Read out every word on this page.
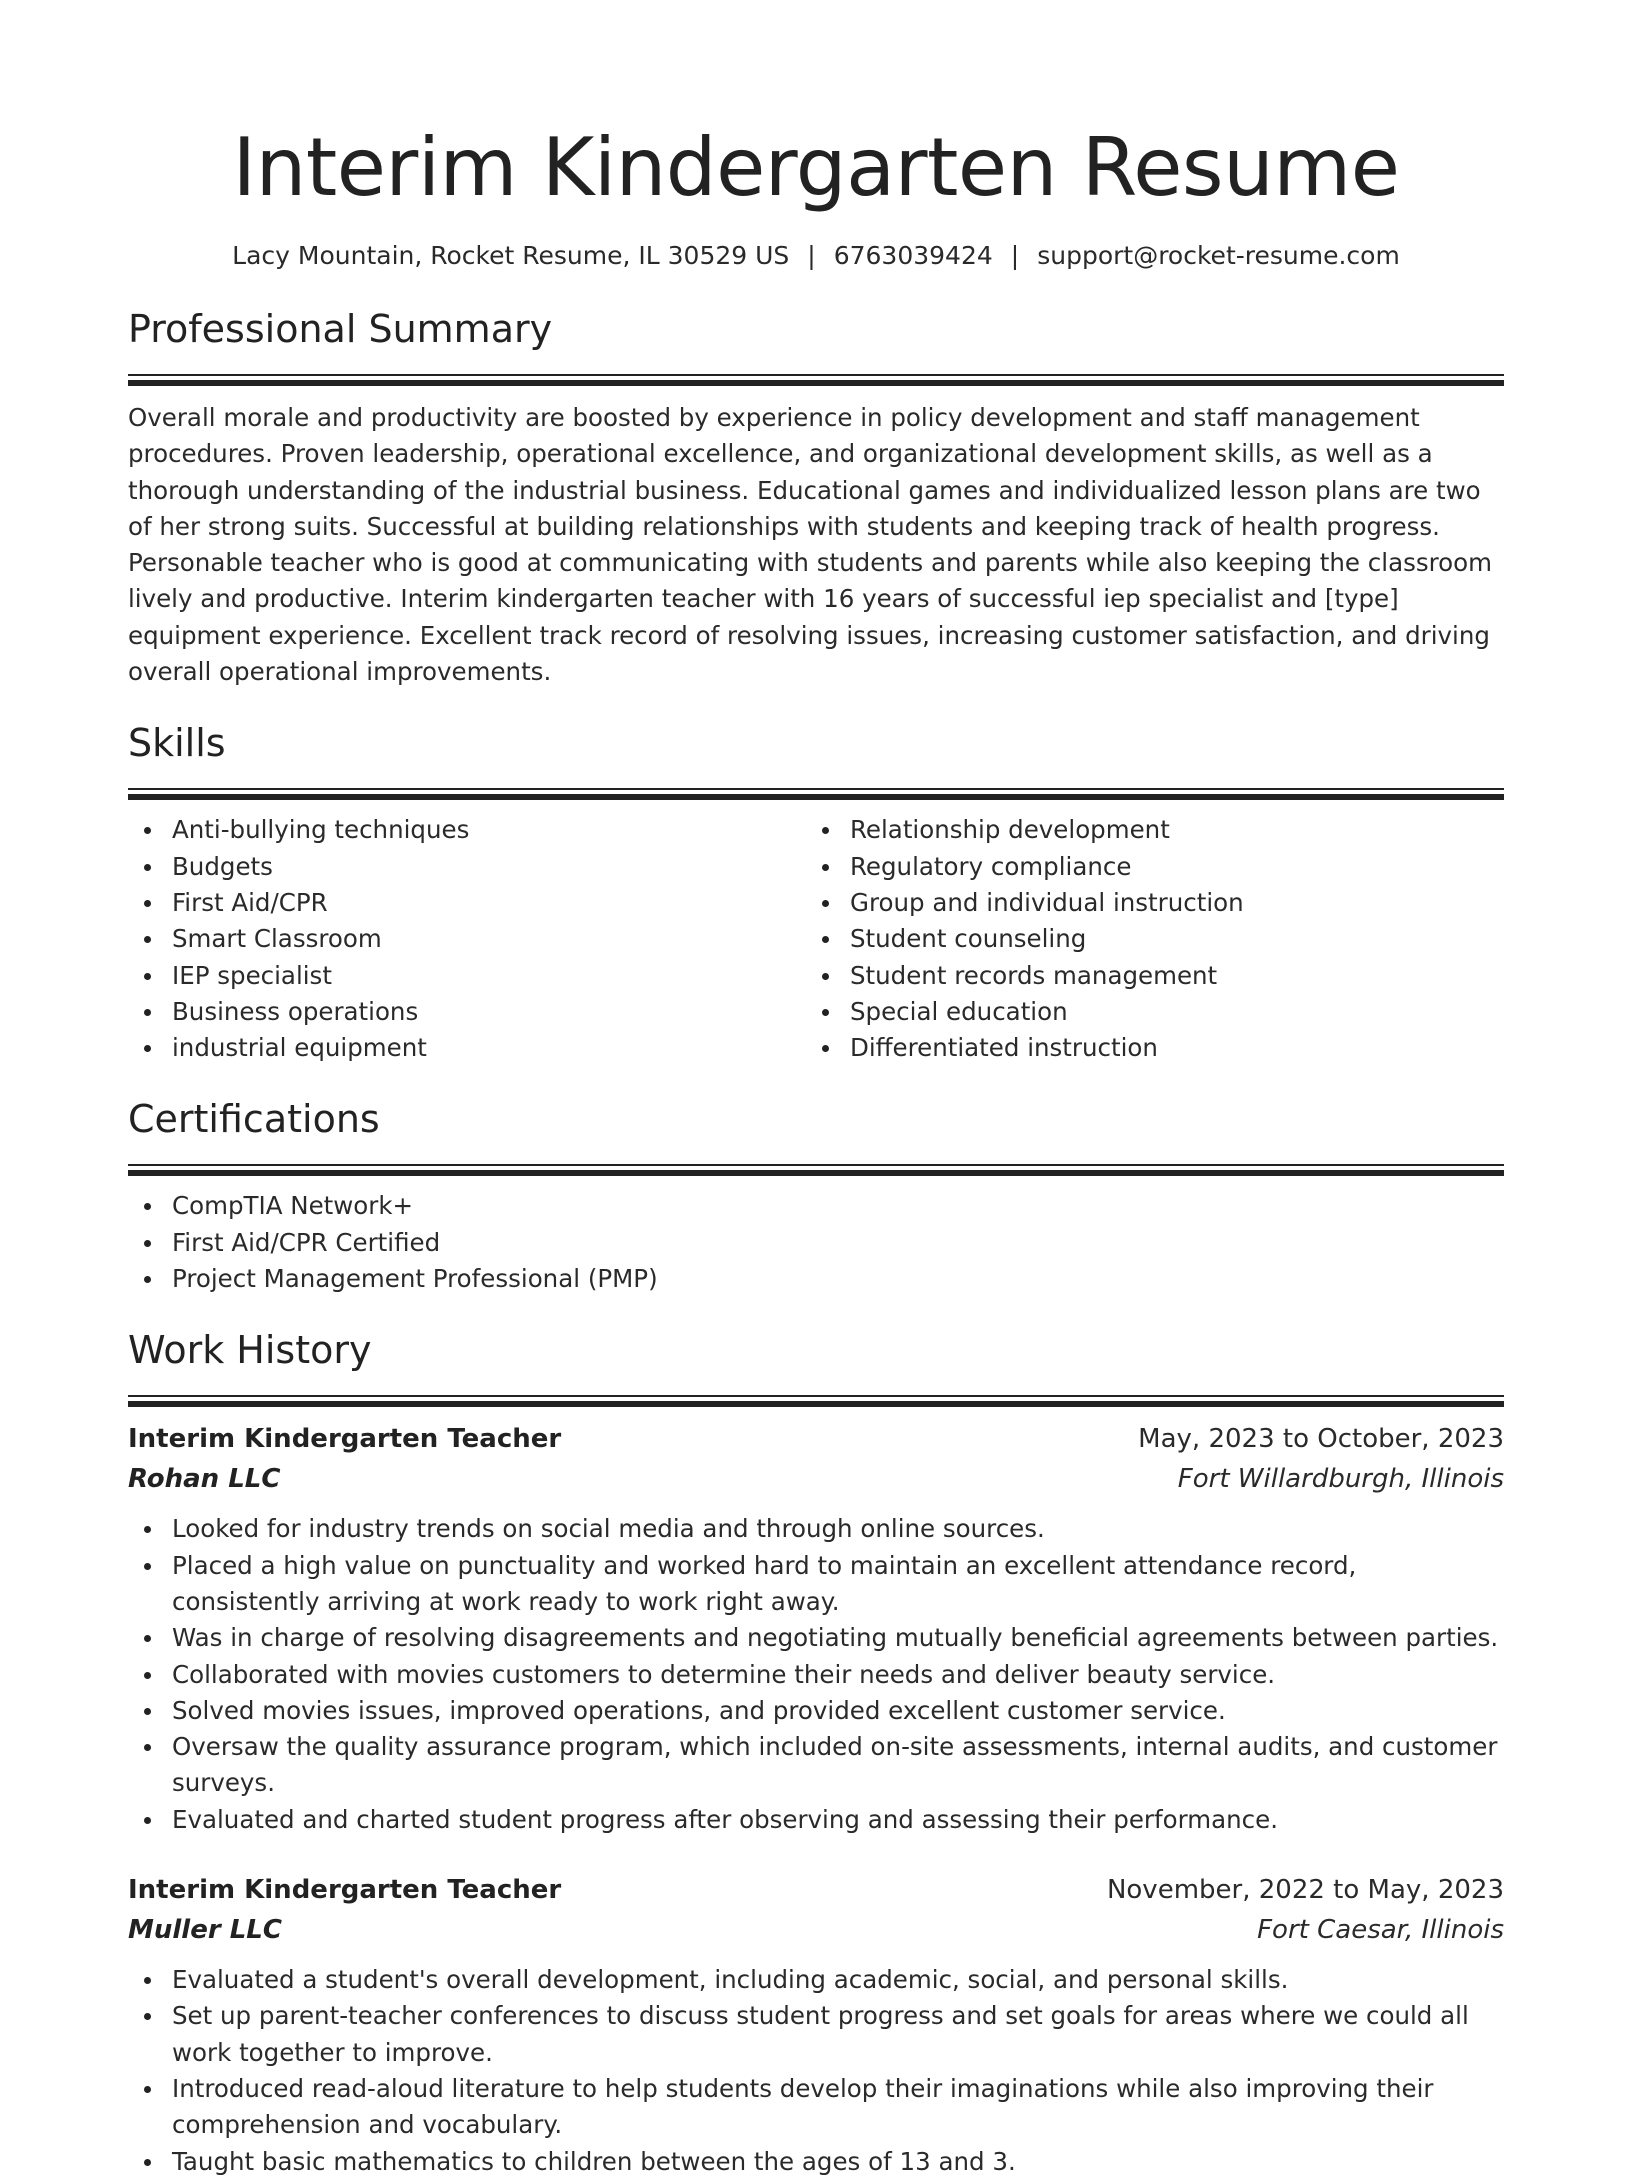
Interim Kindergarten Resume
Lacy Mountain, Rocket Resume, IL 30529 US | 6763039424 | support@rocket-resume.com
Professional Summary
Overall morale and productivity are boosted by experience in policy development and staff management procedures. Proven leadership, operational excellence, and organizational development skills, as well as a thorough understanding of the industrial business. Educational games and individualized lesson plans are two of her strong suits. Successful at building relationships with students and keeping track of health progress. Personable teacher who is good at communicating with students and parents while also keeping the classroom lively and productive. Interim kindergarten teacher with 16 years of successful iep specialist and [type] equipment experience. Excellent track record of resolving issues, increasing customer satisfaction, and driving overall operational improvements.
Skills
Anti-bullying techniques
Budgets
First Aid/CPR
Smart Classroom
IEP specialist
Business operations
industrial equipment
Relationship development
Regulatory compliance
Group and individual instruction
Student counseling
Student records management
Special education
Differentiated instruction
Certifications
CompTIA Network+
First Aid/CPR Certified
Project Management Professional (PMP)
Work History
Interim Kindergarten Teacher	May, 2023 to October, 2023
Rohan LLC	Fort Willardburgh, Illinois
Looked for industry trends on social media and through online sources.
Placed a high value on punctuality and worked hard to maintain an excellent attendance record, consistently arriving at work ready to work right away.
Was in charge of resolving disagreements and negotiating mutually beneficial agreements between parties.
Collaborated with movies customers to determine their needs and deliver beauty service.
Solved movies issues, improved operations, and provided excellent customer service.
Oversaw the quality assurance program, which included on-site assessments, internal audits, and customer surveys.
Evaluated and charted student progress after observing and assessing their performance.
Interim Kindergarten Teacher	November, 2022 to May, 2023
Muller LLC	Fort Caesar, Illinois
Evaluated a student's overall development, including academic, social, and personal skills.
Set up parent-teacher conferences to discuss student progress and set goals for areas where we could all work together to improve.
Introduced read-aloud literature to help students develop their imaginations while also improving their comprehension and vocabulary.
Taught basic mathematics to children between the ages of 13 and 3.
